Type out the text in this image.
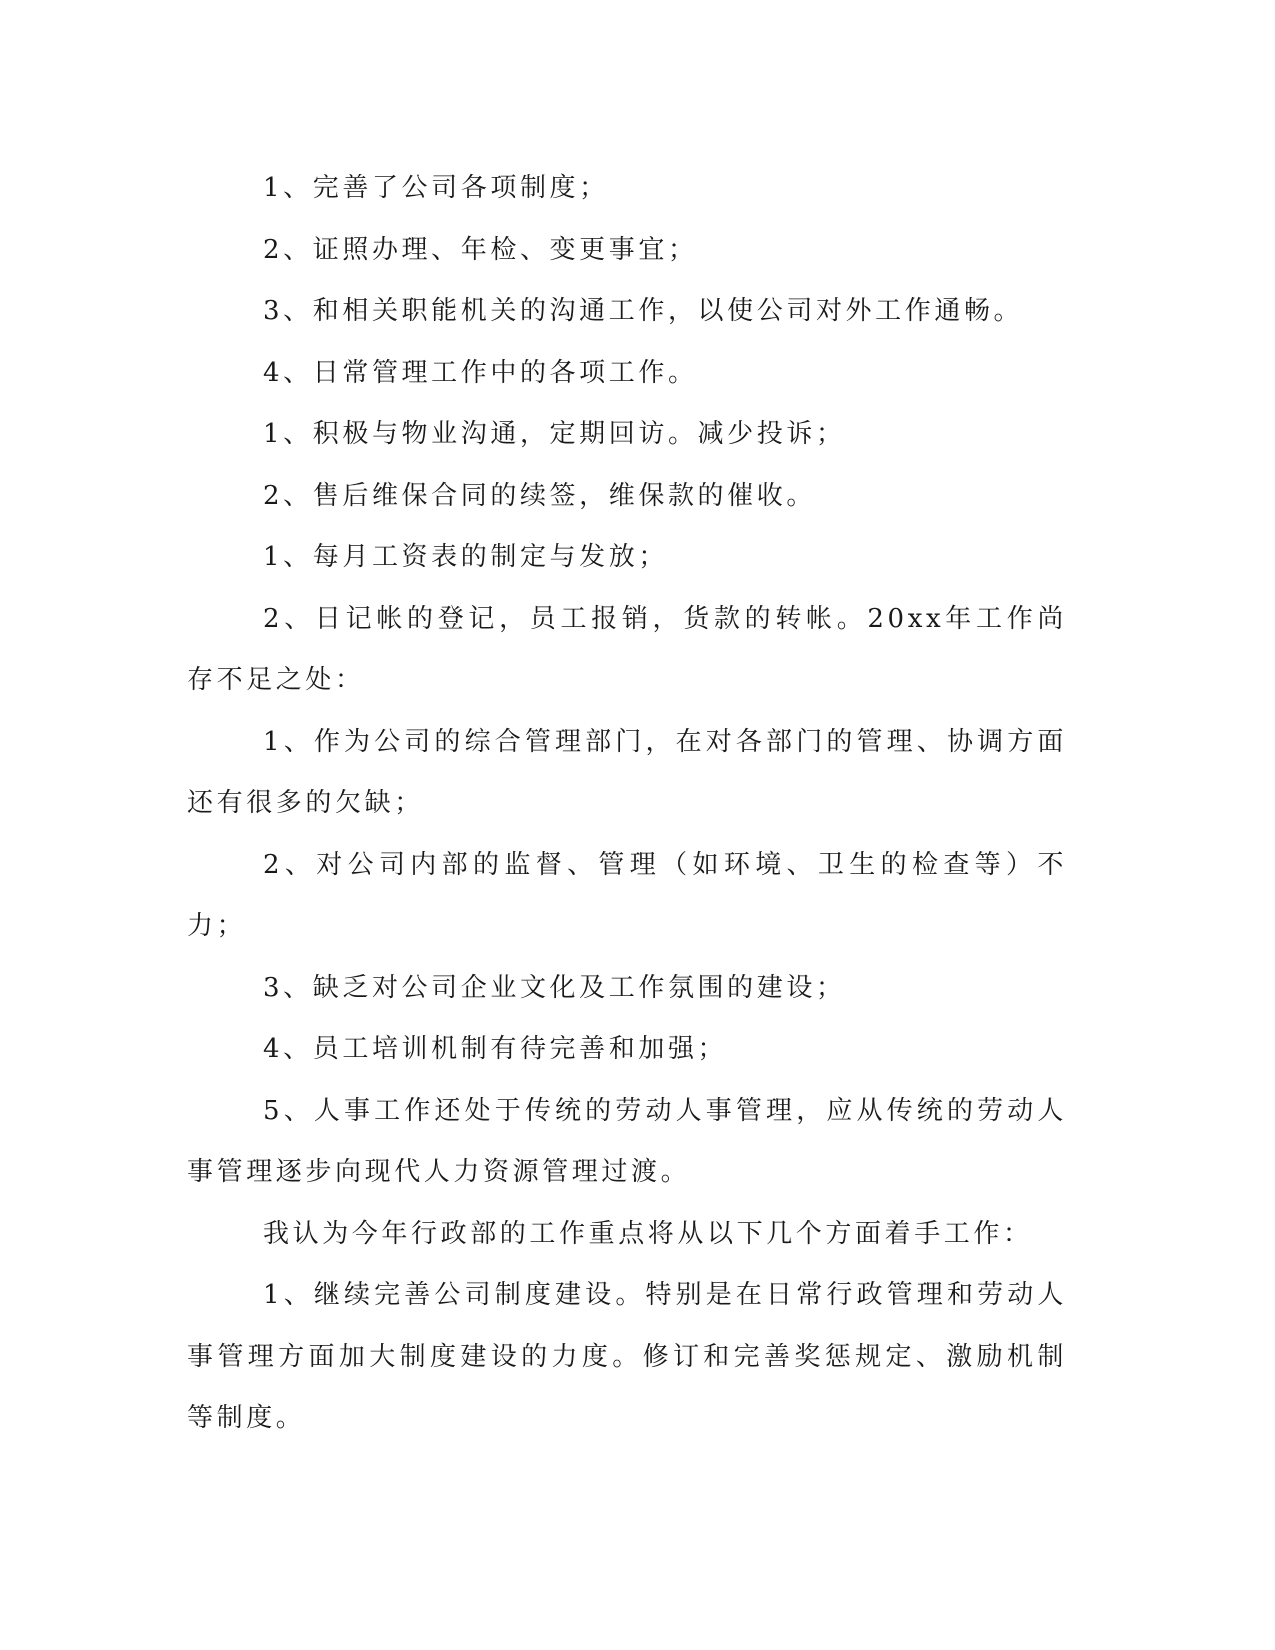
1、完善了公司各项制度；

2、证照办理、年检、变更事宜；

3、和相关职能机关的沟通工作，以使公司对外工作通畅。

4、日常管理工作中的各项工作。

1、积极与物业沟通，定期回访。减少投诉；

2、售后维保合同的续签，维保款的催收。

1、每月工资表的制定与发放；

2、日记帐的登记，员工报销，货款的转帐。20xx年工作尚存不足之处：

1、作为公司的综合管理部门，在对各部门的管理、协调方面还有很多的欠缺；

2、对公司内部的监督、管理（如环境、卫生的检查等）不力；

3、缺乏对公司企业文化及工作氛围的建设；

4、员工培训机制有待完善和加强；

5、人事工作还处于传统的劳动人事管理，应从传统的劳动人事管理逐步向现代人力资源管理过渡。

我认为今年行政部的工作重点将从以下几个方面着手工作：

1、继续完善公司制度建设。特别是在日常行政管理和劳动人事管理方面加大制度建设的力度。修订和完善奖惩规定、激励机制等制度。
